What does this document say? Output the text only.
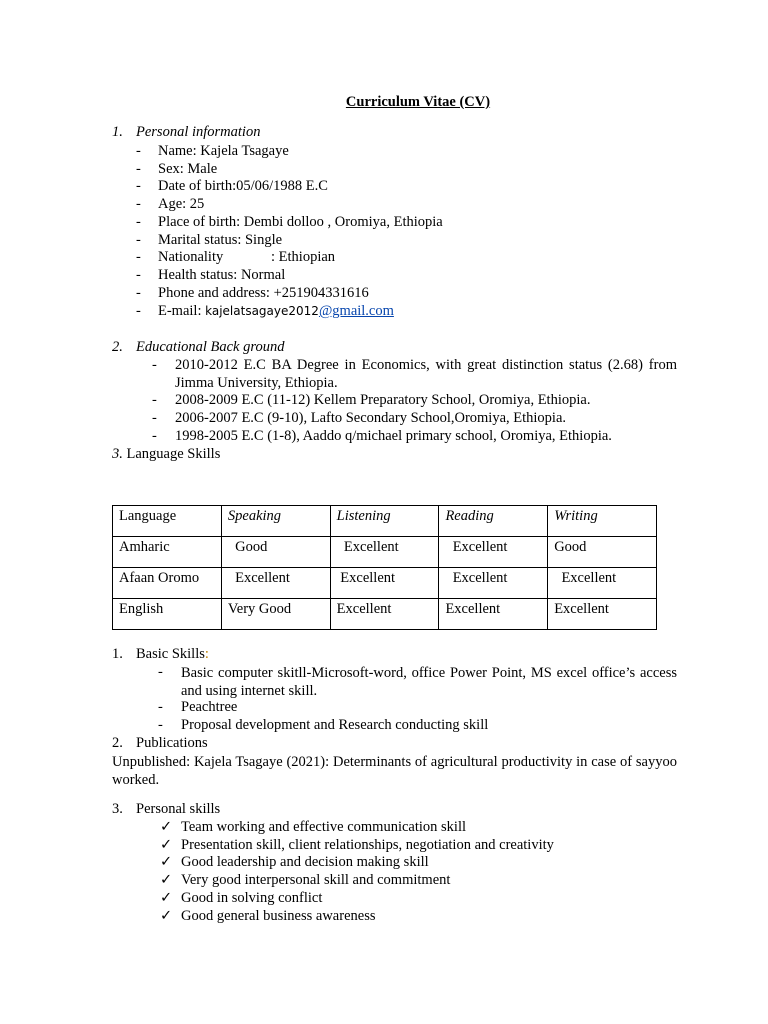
Curriculum Vitae (CV)
1. Personal information
- Name: Kajela Tsagaye
- Sex: Male
- Date of birth:05/06/1988 E.C
- Age: 25
- Place of birth: Dembi dolloo , Oromiya, Ethiopia
- Marital status: Single
- Nationality	: Ethiopian
- Health status: Normal
- Phone and address: +251904331616
- E-mail: kajelatsagaye2012@gmail.com
2. Educational Back ground
- 2010-2012 E.C BA Degree in Economics, with great distinction status (2.68) from
Jimma University, Ethiopia.
- 2008-2009 E.C (11-12) Kellem Preparatory School, Oromiya, Ethiopia.
- 2006-2007 E.C (9-10), Lafto Secondary School,Oromiya, Ethiopia.
- 1998-2005 E.C (1-8), Aaddo q/michael primary school, Oromiya, Ethiopia.
3. Language Skills
Language	Speaking	Listening	Reading	Writing
Amharic	Good	Excellent	Excellent	Good
Afaan Oromo	Excellent	Excellent	Excellent	Excellent
English	Very Good	Excellent	Excellent	Excellent
1. Basic Skills:
- Basic computer skitll-Microsoft-word, office Power Point, MS excel office’s access and using internet skill.
- Peachtree
- Proposal development and Research conducting skill
2. Publications
Unpublished: Kajela Tsagaye (2021): Determinants of agricultural productivity in case of sayyoo worked.
3. Personal skills
✓ Team working and effective communication skill
✓ Presentation skill, client relationships, negotiation and creativity
✓ Good leadership and decision making skill
✓ Very good interpersonal skill and commitment
✓ Good in solving conflict
✓ Good general business awareness
